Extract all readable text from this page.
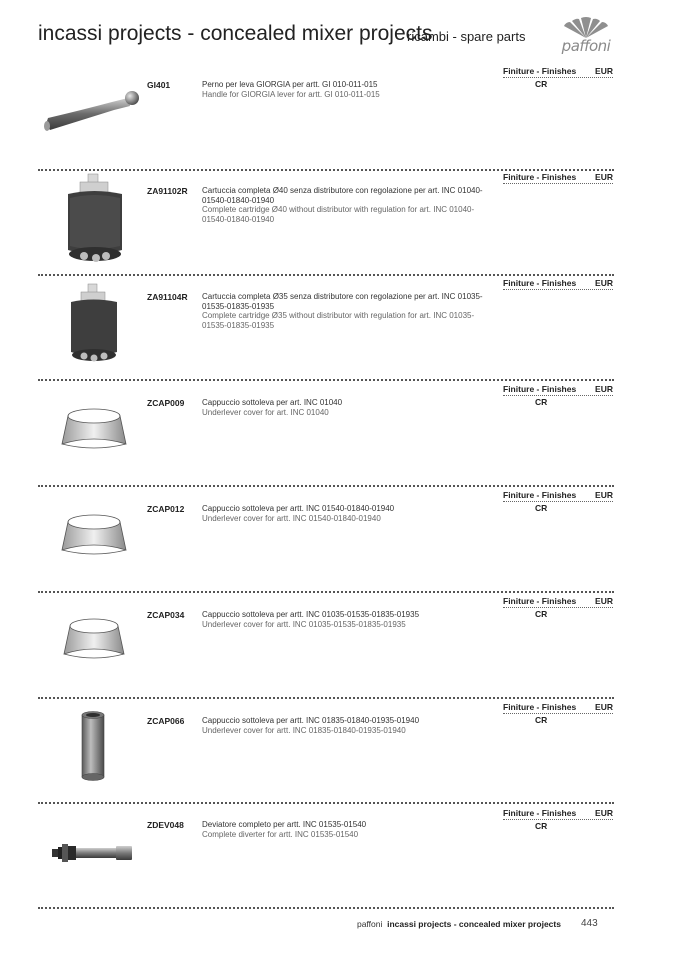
incassi projects - concealed mixer projects
ricambi - spare parts
paffoni
Finiture - Finishes EUR
CR
GI401	Perno per leva GIORGIA per artt. GI 010-011-015
Handle for GIORGIA lever for artt. GI 010-011-015
Finiture - Finishes EUR
ZA91102R Cartuccia completa Ø40 senza distributore con regolazione per art. INC 01040-01540-01840-01940
Complete cartridge Ø40 without distributor with regulation for art. INC 01040-01540-01840-01940
Finiture - Finishes EUR
ZA91104R Cartuccia completa Ø35 senza distributore con regolazione per art. INC 01035-01535-01835-01935
Complete cartridge Ø35 without distributor with regulation for art. INC 01035-01535-01835-01935
Finiture - Finishes EUR
CR
ZCAP009 Cappuccio sottoleva per art. INC 01040
Underlever cover for art. INC 01040
Finiture - Finishes EUR
CR
ZCAP012 Cappuccio sottoleva per artt. INC 01540-01840-01940
Underlever cover for artt. INC 01540-01840-01940
Finiture - Finishes EUR
CR
ZCAP034 Cappuccio sottoleva per artt. INC 01035-01535-01835-01935
Underlever cover for artt. INC 01035-01535-01835-01935
Finiture - Finishes EUR
CR
ZCAP066 Cappuccio sottoleva per artt. INC 01835-01840-01935-01940
Underlever cover for artt. INC 01835-01840-01935-01940
Finiture - Finishes EUR
CR
ZDEV048 Deviatore completo per artt. INC 01535-01540
Complete diverter for artt. INC 01535-01540
paffoni incassi projects - concealed mixer projects 443
